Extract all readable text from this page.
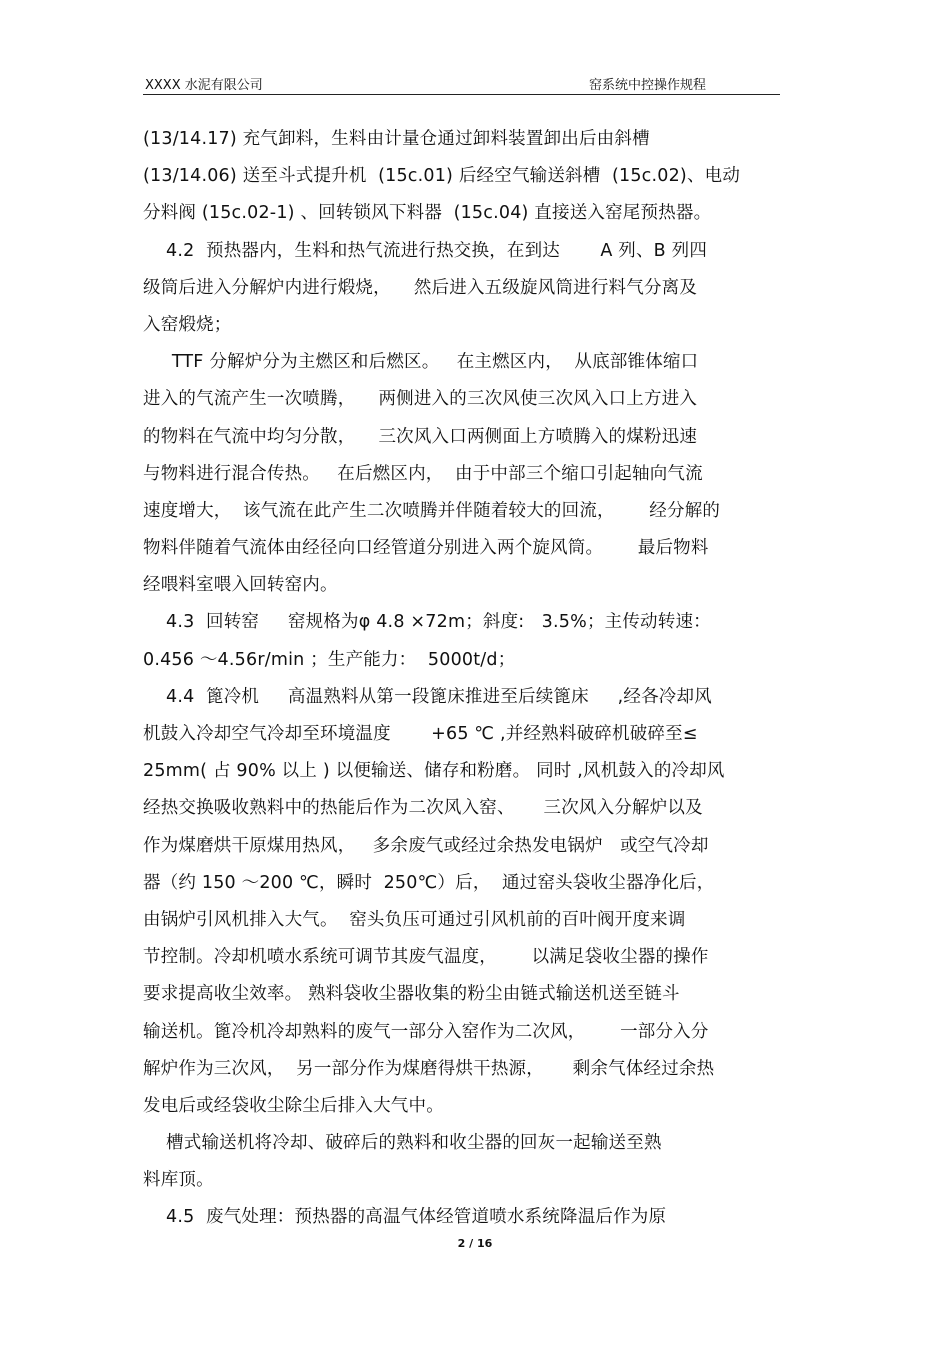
XXXX 水泥有限公司	窑系统中控操作规程
(13/14.17) 充气卸料，生料由计量仓通过卸料装置卸出后由斜槽
(13/14.06) 送至斗式提升机  (15c.01) 后经空气输送斜槽  (15c.02)、电动
分料阀 (15c.02-1) 、回转锁风下料器  (15c.04) 直接送入窑尾预热器。
4.2  预热器内，生料和热气流进行热交换，在到达       A 列、B 列四
级筒后进入分解炉内进行煅烧，    然后进入五级旋风筒进行料气分离及
入窑煅烧；
TTF 分解炉分为主燃区和后燃区。   在主燃区内，  从底部锥体缩口
进入的气流产生一次喷腾，    两侧进入的三次风使三次风入口上方进入
的物料在气流中均匀分散，    三次风入口两侧面上方喷腾入的煤粉迅速
与物料进行混合传热。   在后燃区内，  由于中部三个缩口引起轴向气流
速度增大，  该气流在此产生二次喷腾并伴随着较大的回流，      经分解的
物料伴随着气流体由经径向口经管道分别进入两个旋风筒。      最后物料
经喂料室喂入回转窑内。
4.3  回转窑     窑规格为φ 4.8 ×72m；斜度:   3.5%；主传动转速：
0.456 ～4.56r/min ；生产能力：  5000t/d；
4.4  篦冷机     高温熟料从第一段篦床推进至后续篦床     ,经各冷却风
机鼓入冷却空气冷却至环境温度       +65 ℃ ,并经熟料破碎机破碎至≤
25mm( 占 90% 以上 ) 以便输送、储存和粉磨。 同时 ,风机鼓入的冷却风
经热交换吸收熟料中的热能后作为二次风入窑、     三次风入分解炉以及
作为煤磨烘干原煤用热风，   多余废气或经过余热发电锅炉   或空气冷却
器（约 150 ～200 ℃，瞬时  250℃）后，  通过窑头袋收尘器净化后，
由锅炉引风机排入大气。  窑头负压可通过引风机前的百叶阀开度来调
节控制。冷却机喷水系统可调节其废气温度，      以满足袋收尘器的操作
要求提高收尘效率。 熟料袋收尘器收集的粉尘由链式输送机送至链斗
输送机。篦冷机冷却熟料的废气一部分入窑作为二次风，      一部分入分
解炉作为三次风，  另一部分作为煤磨得烘干热源，     剩余气体经过余热
发电后或经袋收尘除尘后排入大气中。
槽式输送机将冷却、破碎后的熟料和收尘器的回灰一起输送至熟
料库顶。
4.5  废气处理：预热器的高温气体经管道喷水系统降温后作为原
2 / 16
